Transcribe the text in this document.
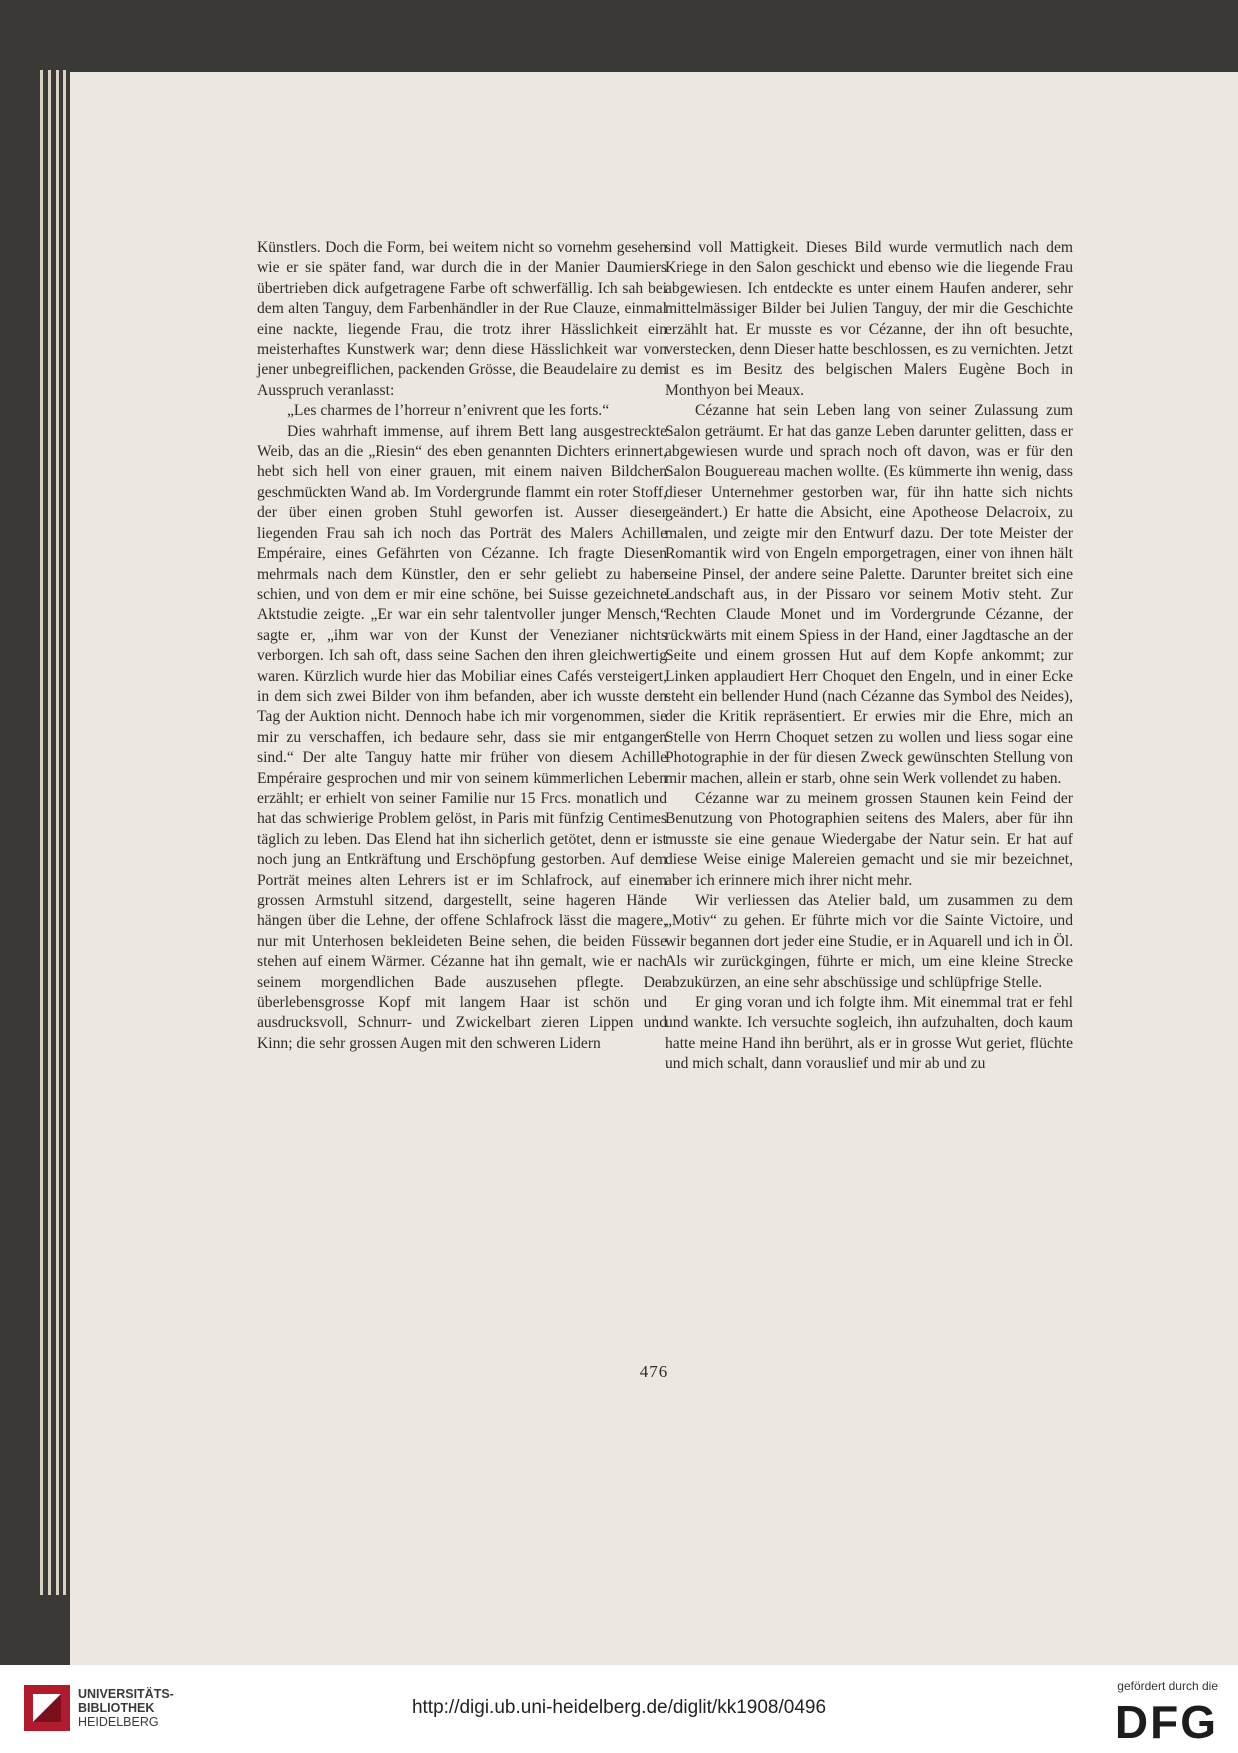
Künstlers. Doch die Form, bei weitem nicht so vornehm gesehen wie er sie später fand, war durch die in der Manier Daumiers übertrieben dick aufgetragene Farbe oft schwerfällig. Ich sah bei dem alten Tanguy, dem Farbenhändler in der Rue Clauze, einmal eine nackte, liegende Frau, die trotz ihrer Hässlichkeit ein meisterhaftes Kunstwerk war; denn diese Hässlichkeit war von jener unbegreiflichen, packenden Grösse, die Beaudelaire zu dem Ausspruch veranlasst:

„Les charmes de l’horreur n’enivrent que les forts.“

Dies wahrhaft immense, auf ihrem Bett lang ausgestreckte Weib, das an die „Riesin“ des eben genannten Dichters erinnert, hebt sich hell von einer grauen, mit einem naiven Bildchen geschmückten Wand ab. Im Vordergrunde flammt ein roter Stoff, der über einen groben Stuhl geworfen ist. Ausser dieser liegenden Frau sah ich noch das Porträt des Malers Achille Empéraire, eines Gefährten von Cézanne. Ich fragte Diesen mehrmals nach dem Künstler, den er sehr geliebt zu haben schien, und von dem er mir eine schöne, bei Suisse gezeichnete Aktstudie zeigte. „Er war ein sehr talentvoller junger Mensch,“ sagte er, „ihm war von der Kunst der Venezianer nichts verborgen. Ich sah oft, dass seine Sachen den ihren gleichwertig waren. Kürzlich wurde hier das Mobiliar eines Cafés versteigert, in dem sich zwei Bilder von ihm befanden, aber ich wusste den Tag der Auktion nicht. Dennoch habe ich mir vorgenommen, sie mir zu verschaffen, ich bedaure sehr, dass sie mir entgangen sind.“ Der alte Tanguy hatte mir früher von diesem Achille Empéraire gesprochen und mir von seinem kümmerlichen Leben erzählt; er erhielt von seiner Familie nur 15 Frcs. monatlich und hat das schwierige Problem gelöst, in Paris mit fünfzig Centimes täglich zu leben. Das Elend hat ihn sicherlich getötet, denn er ist noch jung an Entkräftung und Erschöpfung gestorben. Auf dem Porträt meines alten Lehrers ist er im Schlafrock, auf einem grossen Armstuhl sitzend, dargestellt, seine hageren Hände hängen über die Lehne, der offene Schlafrock lässt die magere, nur mit Unterhosen bekleideten Beine sehen, die beiden Füsse stehen auf einem Wärmer. Cézanne hat ihn gemalt, wie er nach seinem morgendlichen Bade auszusehen pflegte. Der überlebensgrosse Kopf mit langem Haar ist schön und ausdrucksvoll, Schnurr- und Zwickelbart zieren Lippen und Kinn; die sehr grossen Augen mit den schweren Lidern

sind voll Mattigkeit. Dieses Bild wurde vermutlich nach dem Kriege in den Salon geschickt und ebenso wie die liegende Frau abgewiesen. Ich entdeckte es unter einem Haufen anderer, sehr mittelmässiger Bilder bei Julien Tanguy, der mir die Geschichte erzählt hat. Er musste es vor Cézanne, der ihn oft besuchte, verstecken, denn Dieser hatte beschlossen, es zu vernichten. Jetzt ist es im Besitz des belgischen Malers Eugène Boch in Monthyon bei Meaux.

Cézanne hat sein Leben lang von seiner Zulassung zum Salon geträumt. Er hat das ganze Leben darunter gelitten, dass er abgewiesen wurde und sprach noch oft davon, was er für den Salon Bouguereau machen wollte. (Es kümmerte ihn wenig, dass dieser Unternehmer gestorben war, für ihn hatte sich nichts geändert.) Er hatte die Absicht, eine Apotheose Delacroix, zu malen, und zeigte mir den Entwurf dazu. Der tote Meister der Romantik wird von Engeln emporgetragen, einer von ihnen hält seine Pinsel, der andere seine Palette. Darunter breitet sich eine Landschaft aus, in der Pissaro vor seinem Motiv steht. Zur Rechten Claude Monet und im Vordergrunde Cézanne, der rückwärts mit einem Spiess in der Hand, einer Jagdtasche an der Seite und einem grossen Hut auf dem Kopfe ankommt; zur Linken applaudiert Herr Choquet den Engeln, und in einer Ecke steht ein bellender Hund (nach Cézanne das Symbol des Neides), der die Kritik repräsentiert. Er erwies mir die Ehre, mich an Stelle von Herrn Choquet setzen zu wollen und liess sogar eine Photographie in der für diesen Zweck gewünschten Stellung von mir machen, allein er starb, ohne sein Werk vollendet zu haben.

Cézanne war zu meinem grossen Staunen kein Feind der Benutzung von Photographien seitens des Malers, aber für ihn musste sie eine genaue Wiedergabe der Natur sein. Er hat auf diese Weise einige Malereien gemacht und sie mir bezeichnet, aber ich erinnere mich ihrer nicht mehr.

Wir verliessen das Atelier bald, um zusammen zu dem „Motiv“ zu gehen. Er führte mich vor die Sainte Victoire, und wir begannen dort jeder eine Studie, er in Aquarell und ich in Öl. Als wir zurückgingen, führte er mich, um eine kleine Strecke abzukürzen, an eine sehr abschüssige und schlüpfrige Stelle.

Er ging voran und ich folgte ihm. Mit einemmal trat er fehl und wankte. Ich versuchte sogleich, ihn aufzuhalten, doch kaum hatte meine Hand ihn berührt, als er in grosse Wut geriet, flüchte und mich schalt, dann vorauslief und mir ab und zu

476
UNIVERSITÄTS-
BIBLIOTHEK
HEIDELBERG
http://digi.ub.uni-heidelberg.de/diglit/kk1908/0496
gefördert durch die
DFG
